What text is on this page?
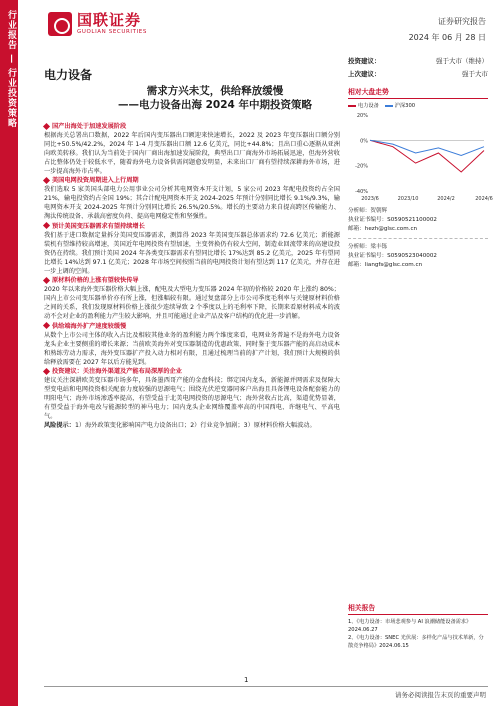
行业报告 — 行业投资策略	国联证券
GUOLIAN SECURITIES
证券研究报告
2024 年 06 月 28 日
电力设备
投资建议：	强于大市（维持）
上次建议：	强于大市
需求方兴未艾，供给释放缓慢
——电力设备出海 2024 年中期投资策略
国产出海处于加速发展阶段
根据海关总署出口数据，2022 年后国内变压器出口额迎来快速增长，2022 及 2023 年变压器出口额分别同比+50.5%/42.2%，2024 年 1-4 月变压器出口额 12.6 亿美元，同比+44.8%；且出口重心逐渐从亚洲向欧美转移。我们认为当前处于国内厂商出海加速发展阶段，典型出口厂商海外市场拓展迅速，但海外营收占比整体仍处于较低水平，随着海外电力设备供需问题愈发明显，未来出口厂商有望持续深耕海外市场，进一步提高海外市占率。
美国电网投资周期进入上行周期
我们选取 5 家美国头部电力公用事业公司分析其电网资本开支计划，5 家公司 2023 年配电投资约占全国 21%，输电投资约占全国 19%；其合计配电网资本开支 2024-2025 年预计分别同比增长 9.1%/9.3%，输电网资本开支 2024-2025 年预计分别同比增长 26.5%/20.5%。增长的主要动力来自提高跨区传输能力、淘汰传统设备、承载高密度负荷、提高电网稳定性和坚强性。
预计美国变压器需求有望持续增长
我们基于进口数据定量拆分美国变压器需求，测算得 2023 年美国变压器总体需求约 72.6 亿美元；新能源装机有望维持较高增速，美国近年电网投资有望加速，主变替换仍有较大空间，制造业回流带来的高建设投资仍在持续。我们预计美国 2024 年各类变压器需求有望同比增长 17%达到 85.2 亿美元，2025 年有望同比增长 14%达到 97.1 亿美元；2028 年市场空间按照当前的电网投资计划有望达到 117 亿美元，并存在进一步上调的空间。
原材料价格的上涨有望较快传导
2020 年以来海外变压器价格大幅上涨，配电及大型电力变压器 2024 年初的价格较 2020 年上涨约 80%；国内上市公司变压器单价亦有所上涨，但涨幅较有限。通过复盘部分上市公司季度毛利率与关键原材料价格之间的关系，我们发现原材料价格上涨很少连续导致 2 个季度以上的毛利率下降，长期来看原材料成本的波动不会对企业的盈利能力产生较大影响，并且可能通过企业产品及客户结构的优化进一步消解。
供给端海外扩产速度较缓慢
从数个上市公司主体的收入占比及相较其他业务的盈利能力两个维度来看，电网业务普遍不是海外电力设备龙头企业主要侧重的增长来源；当前欧美海外对变压器制造的优惠政策、同时鉴于变压器产能的高启动成本和熟练劳动力需求，海外变压器扩产投入动力相对有限，且通过梳理当前的扩产计划，我们预计大规模的供给释放需要在 2027 年以后方能见到。
投资建议：关注海外渠道及产能布局深厚的企业
建议关注深耕欧美变压器市场多年，具备墨西哥产能的金盘科技；绑定国内龙头，新能源并网需求及保障大型变电站和电网投资相关配套力度较强的思源电气；围绕光伏逆变器同客户出海且具备锂电设备配套能力的明阳电气；海外市场渗透率提高，有望受益于北美电网投资的思源电气；海外营收占比高，渠道优势显著，有望受益于海外电改与能源转型的神马电力；国内龙头企业网络覆盖率高的中国西电、许继电气、平高电气。
风险提示：1）海外政策变化影响国产电力设备出口；2）行业竞争加剧；3）原材料价格大幅波动。
相对大盘走势
电力设备	沪深300
20%
0%
-20%
-40%
2023/6	2023/10	2024/2	2024/6
分析师：贺朝辉
执业证书编号：S0590521100002
邮箱：hezh@glsc.com.cn
分析师：梁丰铄
执业证书编号：S0590523040002
邮箱：liangfs@glsc.com.cn
相关报告
1、《电力设备：市场悲观参与 AI 浪潮储能设备需求》2024.06.27
2、《电力设备：SNEC 光伏展：多样化产品与技术革新，分散竞争格局》2024.06.15
1
请务必阅读报告末页的重要声明
